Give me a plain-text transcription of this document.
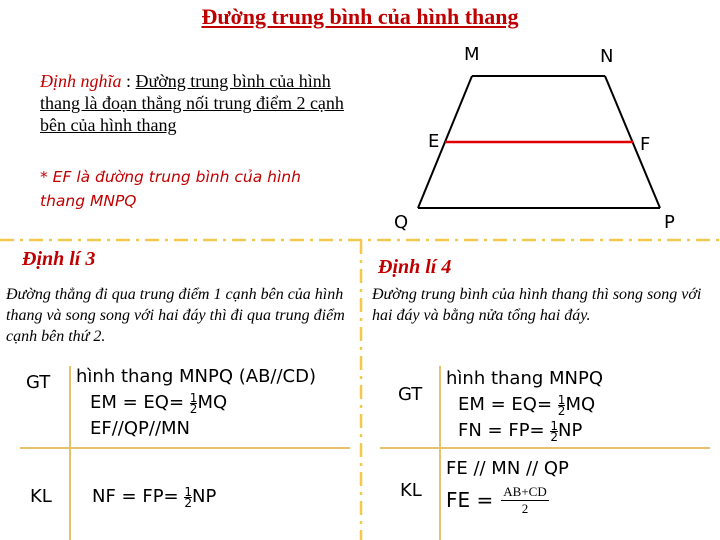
Đường trung bình của hình thang
Định nghĩa : Đường trung bình của hình thang là đoạn thẳng nối trung điểm 2 cạnh bên của hình thang
* EF là đường trung bình của hình thang MNPQ
M	N
E	F
Q	P
Định lí 3
Đường thẳng đi qua trung điểm 1 cạnh bên của hình thang và song song với hai đáy thì đi qua trung điểm cạnh bên thứ 2.
GT hình thang MNPQ (AB//CD)
EM = $EQ= \frac{1}{2}$ MQ
EF//QP//MN
KL NF = $FP= \frac{1}{2}$ NP
Định lí 4
Đường trung bình của hình thang thì song song với hai đáy và bằng nửa tổng hai đáy.
GT
hình thang MNPQ
EM = $EQ= \frac{1}{2}$ MQ
FN = $FP= \frac{1}{2}$ NP
KL
FE // MN // QP
FE = $\frac{AB+CD}{2}$
